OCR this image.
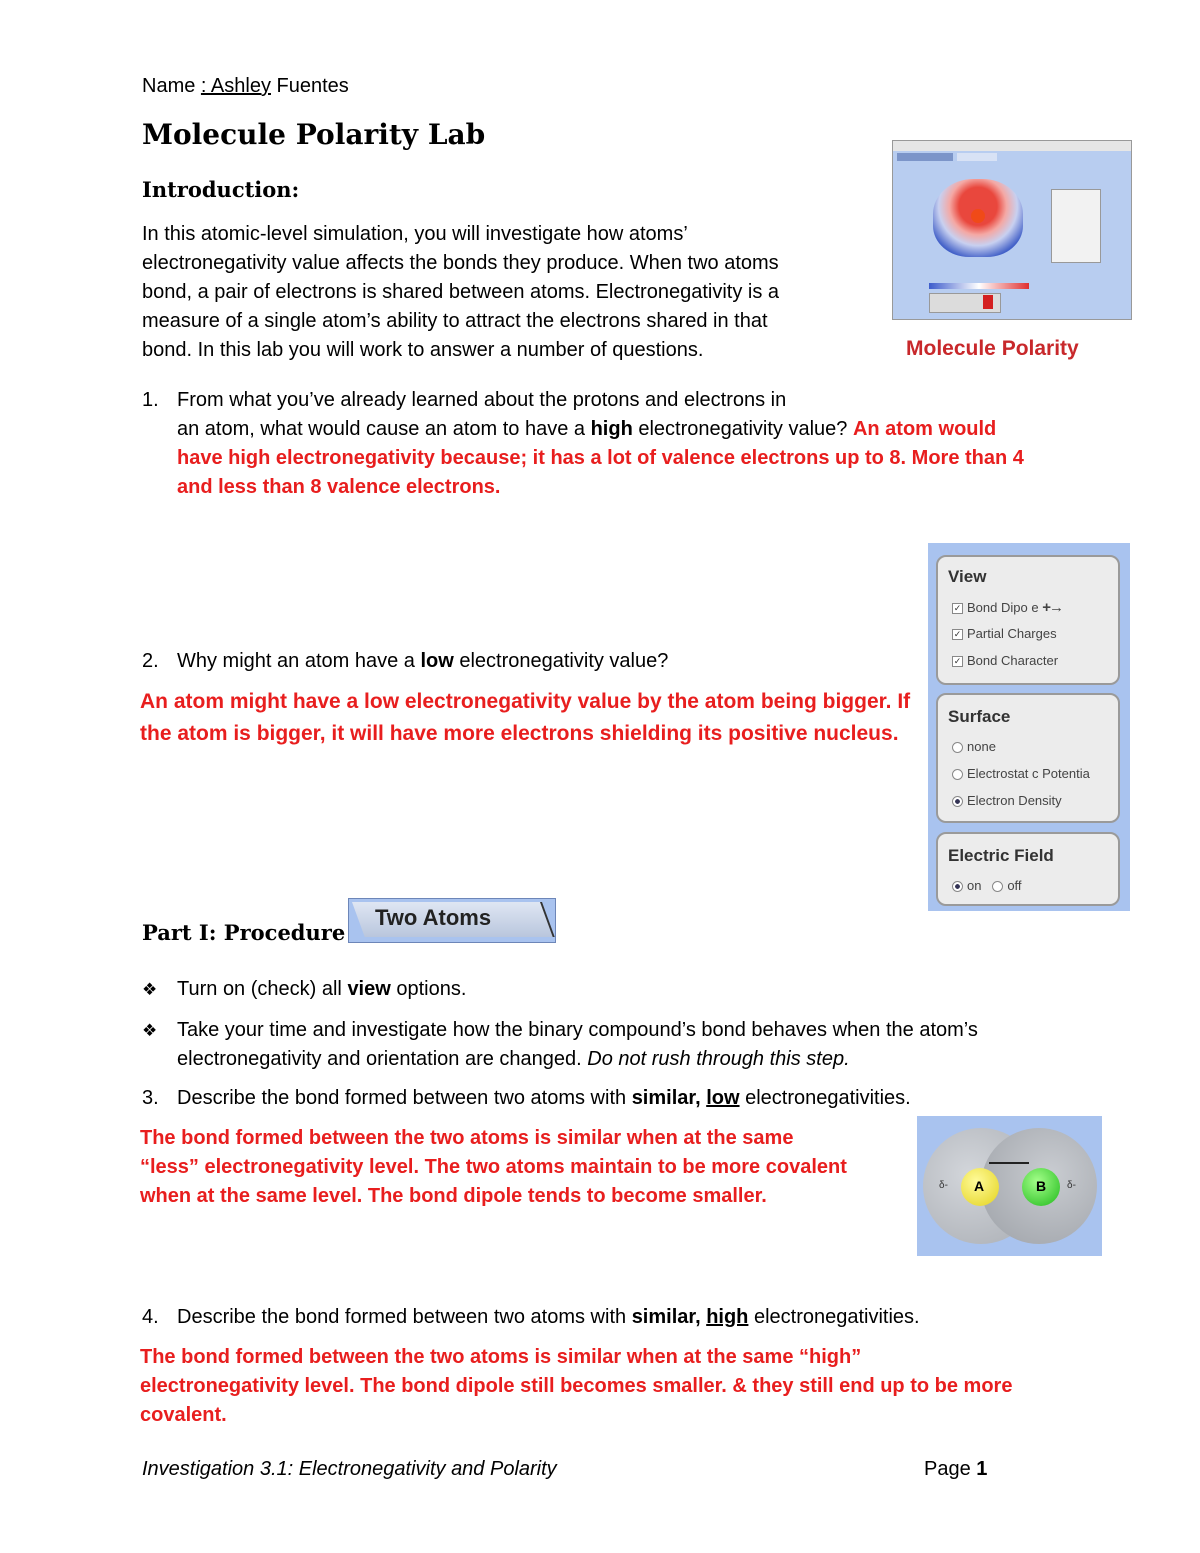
Name : Ashley Fuentes
Molecule Polarity Lab
Introduction:
In this atomic-level simulation, you will investigate how atoms’
electronegativity value affects the bonds they produce. When two atoms
bond, a pair of electrons is shared between atoms. Electronegativity is a
measure of a single atom’s ability to attract the electrons shared in that
bond. In this lab you will work to answer a number of questions.	Molecule Polarity
1. From what you’ve already learned about the protons and electrons in
an atom, what would cause an atom to have a high electronegativity value? An atom would
have high electronegativity because; it has a lot of valence electrons up to 8. More than 4
and less than 8 valence electrons.
View
✓ Bond Dipo e +→
✓ Partial Charges
✓ Bond Character
Surface
none
Electrostat c Potentia
Electron Density
Electric Field
on off
2. Why might an atom have a low electronegativity value?
An atom might have a low electronegativity value by the atom being bigger. If
the atom is bigger, it will have more electrons shielding its positive nucleus.
Part I: Procedure
Two Atoms
❖ Turn on (check) all view options.
❖ Take your time and investigate how the binary compound’s bond behaves when the atom’s
electronegativity and orientation are changed. Do not rush through this step.
3. Describe the bond formed between two atoms with similar, low electronegativities.
The bond formed between the two atoms is similar when at the same
“less” electronegativity level. The two atoms maintain to be more covalent
when at the same level. The bond dipole tends to become smaller.	A	B
δ-	δ-
4. Describe the bond formed between two atoms with similar, high electronegativities.
The bond formed between the two atoms is similar when at the same “high”
electronegativity level. The bond dipole still becomes smaller. & they still end up to be more
covalent.
Investigation 3.1: Electronegativity and Polarity	Page 1
